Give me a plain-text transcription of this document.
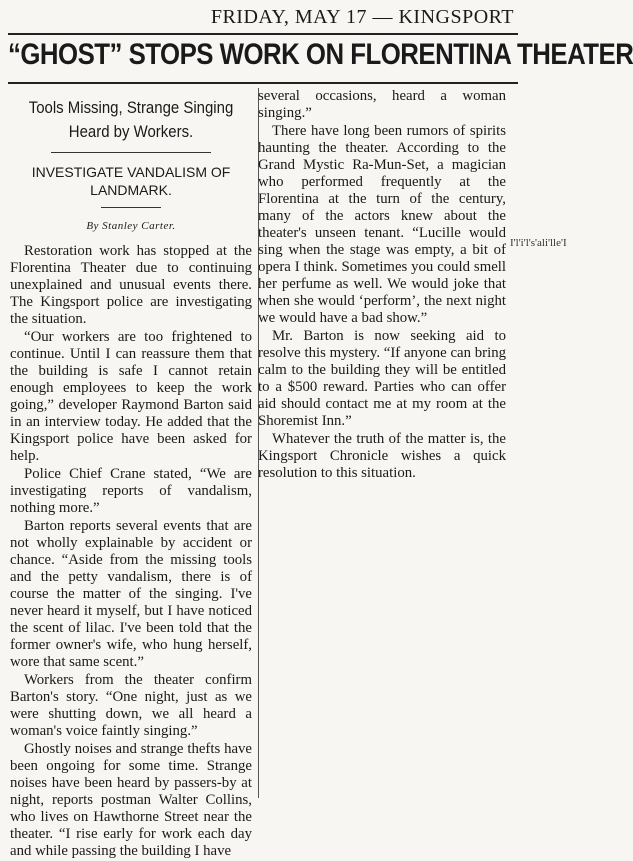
FRIDAY, MAY 17 — KINGSPORT
“GHOST” STOPS WORK ON FLORENTINA THEATER
Tools Missing, Strange Singing Heard by Workers.
INVESTIGATE VANDALISM OF LANDMARK.
By Stanley Carter.

Restoration work has stopped at the Florentina Theater due to continuing unexplained and unusual events there. The Kingsport police are investigating the situation.

“Our workers are too frightened to continue. Until I can reassure them that the building is safe I cannot retain enough employees to keep the work going,” developer Raymond Barton said in an interview today. He added that the Kingsport police have been asked for help.

Police Chief Crane stated, “We are investigating reports of vandalism, nothing more.”

Barton reports several events that are not wholly explainable by accident or chance. “Aside from the missing tools and the petty vandalism, there is of course the matter of the singing. I've never heard it myself, but I have noticed the scent of lilac. I've been told that the former owner's wife, who hung herself, wore that same scent.”

Workers from the theater confirm Barton's story. “One night, just as we were shutting down, we all heard a woman's voice faintly singing.”

Ghostly noises and strange thefts have been ongoing for some time. Strange noises have been heard by passers-by at night, reports postman Walter Collins, who lives on Hawthorne Street near the theater. “I rise early for work each day and while passing the building I have

several occasions, heard a woman singing.”

There have long been rumors of spirits haunting the theater. According to the Grand Mystic Ra-Mun-Set, a magician who performed frequently at the Florentina at the turn of the century, many of the actors knew about the theater's unseen tenant. “Lucille would sing when the stage was empty, a bit of opera I think. Sometimes you could smell her perfume as well. We would joke that when she would ‘perform’, the next night we would have a bad show.”

Mr. Barton is now seeking aid to resolve this mystery. “If anyone can bring calm to the building they will be entitled to a $500 reward. Parties who can offer aid should contact me at my room at the Shoremist Inn.”

Whatever the truth of the matter is, the Kingsport Chronicle wishes a quick resolution to this situation.

I'l'i'l's'ali'lle'I
